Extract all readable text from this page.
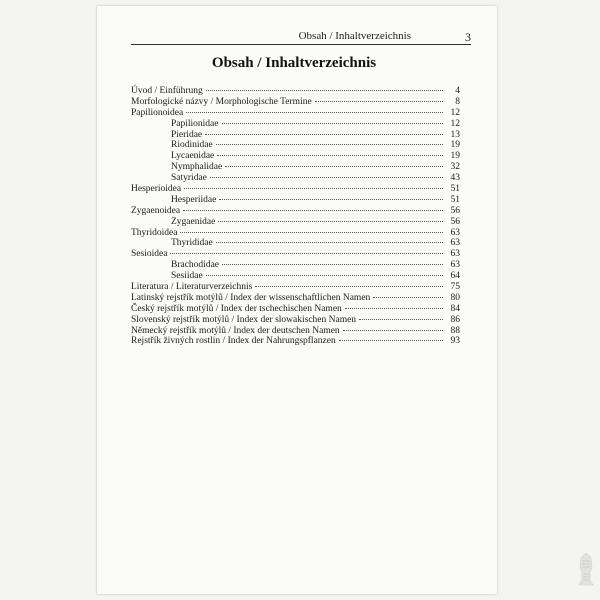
Obsah / Inhaltverzeichnis	3
Obsah / Inhaltverzeichnis
Úvod / Einführung	4
Morfologické názvy / Morphologische Termine	8
Papilionoidea	12
Papilionidae	12
Pieridae	13
Riodinidae	19
Lycaenidae	19
Nymphalidae	32
Satyridae	43
Hesperioidea	51
Hesperiidae	51
Zygaenoidea	56
Zygaenidae	56
Thyridoidea	63
Thyrididae	63
Sesioidea	63
Brachodidae	63
Sesiidae	64
Literatura / Literaturverzeichnis	75
Latinský rejstřík motýlů / Index der wissenschaftlichen Namen	80
Český rejstřík motýlů / Index der tschechischen Namen	84
Slovenský rejstřík motýlů / Index der slowakischen Namen	86
Německý rejstřík motýlů / Index der deutschen Namen	88
Rejstřík živných rostlin / Index der Nahrungspflanzen	93
